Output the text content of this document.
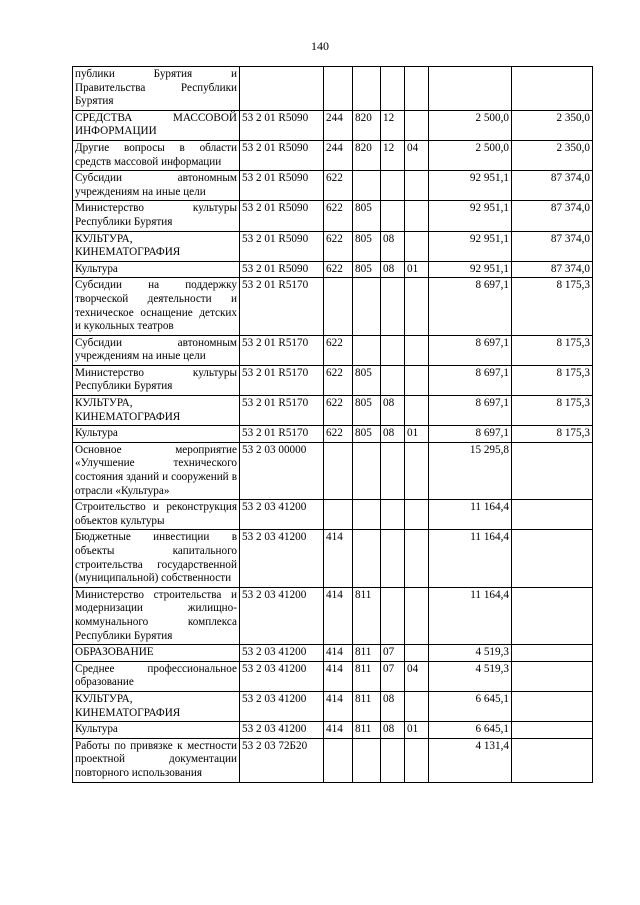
140
публики Бурятия и Правительства Республики Бурятия							
СРЕДСТВА МАССОВОЙ ИНФОРМАЦИИ	53 2 01 R5090	244	820	12		2 500,0	2 350,0
Другие вопросы в области средств массовой информации	53 2 01 R5090	244	820	12	04	2 500,0	2 350,0
Субсидии автономным учреждениям на иные цели	53 2 01 R5090	622				92 951,1	87 374,0
Министерство культуры Республики Бурятия	53 2 01 R5090	622	805			92 951,1	87 374,0
КУЛЬТУРА, КИНЕМАТОГРАФИЯ	53 2 01 R5090	622	805	08		92 951,1	87 374,0
Культура	53 2 01 R5090	622	805	08	01	92 951,1	87 374,0
Субсидии на поддержку творческой деятельности и техническое оснащение детских и кукольных театров	53 2 01 R5170					8 697,1	8 175,3
Субсидии автономным учреждениям на иные цели	53 2 01 R5170	622				8 697,1	8 175,3
Министерство культуры Республики Бурятия	53 2 01 R5170	622	805			8 697,1	8 175,3
КУЛЬТУРА, КИНЕМАТОГРАФИЯ	53 2 01 R5170	622	805	08		8 697,1	8 175,3
Культура	53 2 01 R5170	622	805	08	01	8 697,1	8 175,3
Основное мероприятие «Улучшение технического состояния зданий и сооружений в отрасли «Культура»	53 2 03 00000					15 295,8	
Строительство и реконструкция объектов культуры	53 2 03 41200					11 164,4	
Бюджетные инвестиции в объекты капитального строительства государственной (муниципальной) собственности	53 2 03 41200	414				11 164,4	
Министерство строительства и модернизации жилищно-коммунального комплекса Республики Бурятия	53 2 03 41200	414	811			11 164,4	
ОБРАЗОВАНИЕ	53 2 03 41200	414	811	07		4 519,3	
Среднее профессиональное образование	53 2 03 41200	414	811	07	04	4 519,3	
КУЛЬТУРА, КИНЕМАТОГРАФИЯ	53 2 03 41200	414	811	08		6 645,1	
Культура	53 2 03 41200	414	811	08	01	6 645,1	
Работы по привязке к местности проектной документации повторного использования	53 2 03 72Б20					4 131,4	
